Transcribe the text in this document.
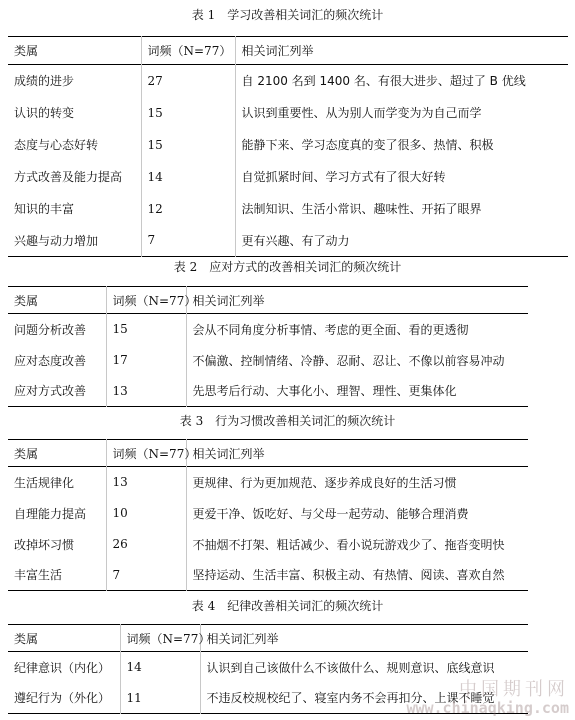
表 1　学习改善相关词汇的频次统计
类属	词频（N=77）	相关词汇列举
成绩的进步	27	自 2100 名到 1400 名、有很大进步、超过了 B 优线
认识的转变	15	认识到重要性、从为别人而学变为为自己而学
态度与心态好转	15	能静下来、学习态度真的变了很多、热情、积极
方式改善及能力提高	14	自觉抓紧时间、学习方式有了很大好转
知识的丰富	12	法制知识、生活小常识、趣味性、开拓了眼界
兴趣与动力增加	7	更有兴趣、有了动力
表 2　应对方式的改善相关词汇的频次统计
类属	词频（N=77）	相关词汇列举
问题分析改善	15	会从不同角度分析事情、考虑的更全面、看的更透彻
应对态度改善	17	不偏激、控制情绪、冷静、忍耐、忍让、不像以前容易冲动
应对方式改善	13	先思考后行动、大事化小、理智、理性、更集体化
表 3　行为习惯改善相关词汇的频次统计
类属	词频（N=77）	相关词汇列举
生活规律化	13	更规律、行为更加规范、逐步养成良好的生活习惯
自理能力提高	10	更爱干净、饭吃好、与父母一起劳动、能够合理消费
改掉坏习惯	26	不抽烟不打架、粗话减少、看小说玩游戏少了、拖沓变明快
丰富生活	7	坚持运动、生活丰富、积极主动、有热情、阅读、喜欢自然
表 4　纪律改善相关词汇的频次统计
类属	词频（N=77）	相关词汇列举
纪律意识（内化）	14	认识到自己该做什么不该做什么、规则意识、底线意识
遵纪行为（外化）	11	不违反校规校纪了、寝室内务不会再扣分、上课不睡觉
中国期刊网
www.chinaqking.com
